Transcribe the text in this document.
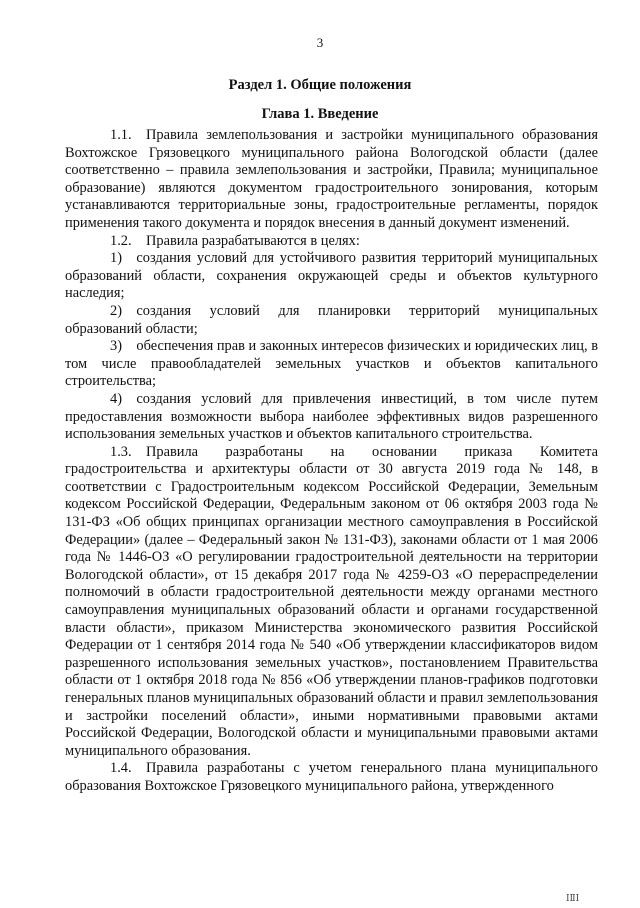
3
Раздел 1. Общие положения
Глава 1. Введение

1.1. Правила землепользования и застройки муниципального образования Вохтожское Грязовецкого муниципального района Вологодской области (далее соответственно – правила землепользования и застройки, Правила; муниципальное образование) являются документом градостроительного зонирования, которым устанавливаются территориальные зоны, градостроительные регламенты, порядок применения такого документа и порядок внесения в данный документ изменений.

1.2. Правила разрабатываются в целях:

1) создания условий для устойчивого развития территорий муниципальных образований области, сохранения окружающей среды и объектов культурного наследия;

2) создания условий для планировки территорий муниципальных образований области;

3) обеспечения прав и законных интересов физических и юридических лиц, в том числе правообладателей земельных участков и объектов капитального строительства;

4) создания условий для привлечения инвестиций, в том числе путем предоставления возможности выбора наиболее эффективных видов разрешенного использования земельных участков и объектов капитального строительства.

1.3. Правила разработаны на основании приказа Комитета градостроительства и архитектуры области от 30 августа 2019 года № 148, в соответствии с Градостроительным кодексом Российской Федерации, Земельным кодексом Российской Федерации, Федеральным законом от 06 октября 2003 года № 131-ФЗ «Об общих принципах организации местного самоуправления в Российской Федерации» (далее – Федеральный закон № 131-ФЗ), законами области от 1 мая 2006 года № 1446-ОЗ «О регулировании градостроительной деятельности на территории Вологодской области», от 15 декабря 2017 года № 4259-ОЗ «О перераспределении полномочий в области градостроительной деятельности между органами местного самоуправления муниципальных образований области и органами государственной власти области», приказом Министерства экономического развития Российской Федерации от 1 сентября 2014 года № 540 «Об утверждении классификаторов видом разрешенного использования земельных участков», постановлением Правительства области от 1 октября 2018 года № 856 «Об утверждении планов-графиков подготовки генеральных планов муниципальных образований области и правил землепользования и застройки поселений области», иными нормативными правовыми актами Российской Федерации, Вологодской области и муниципальными правовыми актами муниципального образования.

1.4. Правила разработаны с учетом генерального плана муниципального образования Вохтожское Грязовецкого муниципального района, утвержденного

ⅠⅡⅠ
